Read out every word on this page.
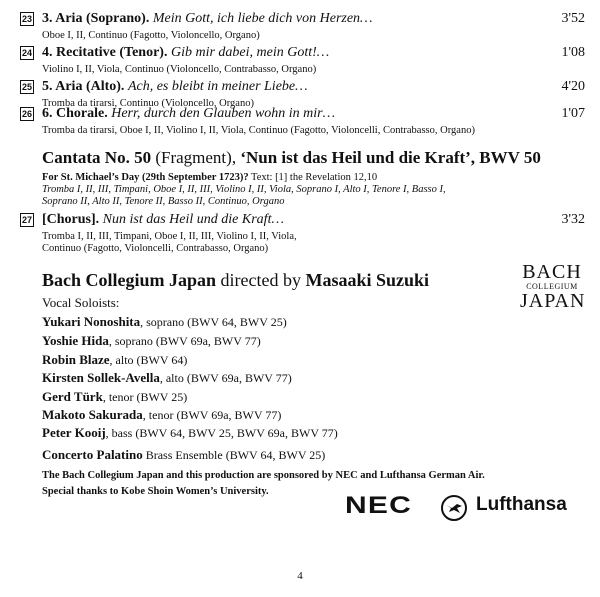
23 3. Aria (Soprano). Mein Gott, ich liebe dich von Herzen…	3'52
Oboe I, II, Continuo (Fagotto, Violoncello, Organo)
24 4. Recitative (Tenor). Gib mir dabei, mein Gott!…	1'08
Violino I, II, Viola, Continuo (Violoncello, Contrabasso, Organo)
25 5. Aria (Alto). Ach, es bleibt in meiner Liebe…	4'20
Tromba da tirarsi, Continuo (Violoncello, Organo)
26 6. Chorale. Herr, durch den Glauben wohn in mir…	1'07
Tromba da tirarsi, Oboe I, II, Violino I, II, Viola, Continuo (Fagotto, Violoncelli, Contrabasso, Organo)
Cantata No. 50 (Fragment), ‘Nun ist das Heil und die Kraft’, BWV 50
For St. Michael’s Day (29th September 1723)? Text: [1] the Revelation 12,10
Tromba I, II, III, Timpani, Oboe I, II, III, Violino I, II, Viola, Soprano I, Alto I, Tenore I, Basso I,
Soprano II, Alto II, Tenore II, Basso II, Continuo, Organo
27 [Chorus]. Nun ist das Heil und die Kraft…	3'32
Tromba I, II, III, Timpani, Oboe I, II, III, Violino I, II, Viola,
Continuo (Fagotto, Violoncelli, Contrabasso, Organo)
Bach Collegium Japan directed by Masaaki Suzuki	BACH
COLLEGIUM
JAPAN
Vocal Soloists:
Yukari Nonoshita, soprano (BWV 64, BWV 25)
Yoshie Hida, soprano (BWV 69a, BWV 77)
Robin Blaze, alto (BWV 64)
Kirsten Sollek-Avella, alto (BWV 69a, BWV 77)
Gerd Türk, tenor (BWV 25)
Makoto Sakurada, tenor (BWV 69a, BWV 77)
Peter Kooij, bass (BWV 64, BWV 25, BWV 69a, BWV 77)
Concerto Palatino Brass Ensemble (BWV 64, BWV 25)
The Bach Collegium Japan and this production are sponsored by NEC and Lufthansa German Air.
Special thanks to Kobe Shoin Women’s University.
NEC	Lufthansa
4
